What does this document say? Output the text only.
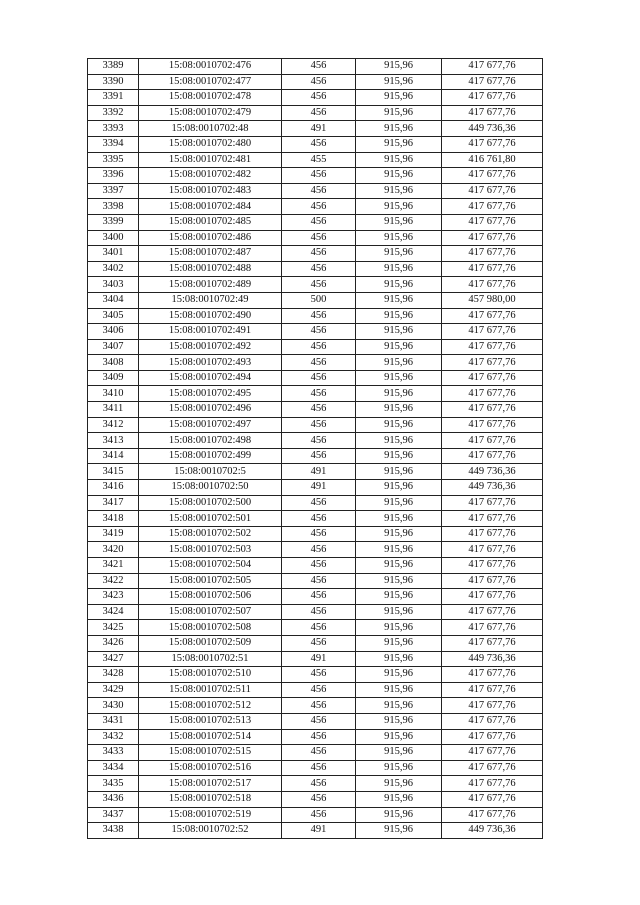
3389	15:08:0010702:476	456	915,96	417 677,76
3390	15:08:0010702:477	456	915,96	417 677,76
3391	15:08:0010702:478	456	915,96	417 677,76
3392	15:08:0010702:479	456	915,96	417 677,76
3393	15:08:0010702:48	491	915,96	449 736,36
3394	15:08:0010702:480	456	915,96	417 677,76
3395	15:08:0010702:481	455	915,96	416 761,80
3396	15:08:0010702:482	456	915,96	417 677,76
3397	15:08:0010702:483	456	915,96	417 677,76
3398	15:08:0010702:484	456	915,96	417 677,76
3399	15:08:0010702:485	456	915,96	417 677,76
3400	15:08:0010702:486	456	915,96	417 677,76
3401	15:08:0010702:487	456	915,96	417 677,76
3402	15:08:0010702:488	456	915,96	417 677,76
3403	15:08:0010702:489	456	915,96	417 677,76
3404	15:08:0010702:49	500	915,96	457 980,00
3405	15:08:0010702:490	456	915,96	417 677,76
3406	15:08:0010702:491	456	915,96	417 677,76
3407	15:08:0010702:492	456	915,96	417 677,76
3408	15:08:0010702:493	456	915,96	417 677,76
3409	15:08:0010702:494	456	915,96	417 677,76
3410	15:08:0010702:495	456	915,96	417 677,76
3411	15:08:0010702:496	456	915,96	417 677,76
3412	15:08:0010702:497	456	915,96	417 677,76
3413	15:08:0010702:498	456	915,96	417 677,76
3414	15:08:0010702:499	456	915,96	417 677,76
3415	15:08:0010702:5	491	915,96	449 736,36
3416	15:08:0010702:50	491	915,96	449 736,36
3417	15:08:0010702:500	456	915,96	417 677,76
3418	15:08:0010702:501	456	915,96	417 677,76
3419	15:08:0010702:502	456	915,96	417 677,76
3420	15:08:0010702:503	456	915,96	417 677,76
3421	15:08:0010702:504	456	915,96	417 677,76
3422	15:08:0010702:505	456	915,96	417 677,76
3423	15:08:0010702:506	456	915,96	417 677,76
3424	15:08:0010702:507	456	915,96	417 677,76
3425	15:08:0010702:508	456	915,96	417 677,76
3426	15:08:0010702:509	456	915,96	417 677,76
3427	15:08:0010702:51	491	915,96	449 736,36
3428	15:08:0010702:510	456	915,96	417 677,76
3429	15:08:0010702:511	456	915,96	417 677,76
3430	15:08:0010702:512	456	915,96	417 677,76
3431	15:08:0010702:513	456	915,96	417 677,76
3432	15:08:0010702:514	456	915,96	417 677,76
3433	15:08:0010702:515	456	915,96	417 677,76
3434	15:08:0010702:516	456	915,96	417 677,76
3435	15:08:0010702:517	456	915,96	417 677,76
3436	15:08:0010702:518	456	915,96	417 677,76
3437	15:08:0010702:519	456	915,96	417 677,76
3438	15:08:0010702:52	491	915,96	449 736,36
